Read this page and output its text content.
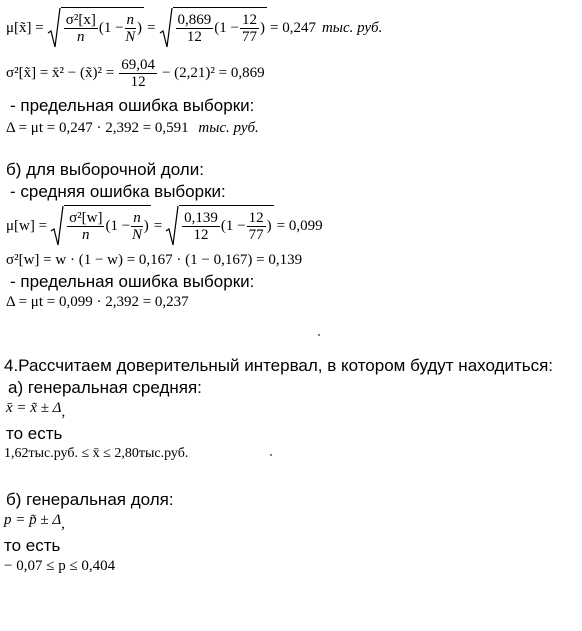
μ[x̃] = $\frac{\text{σ²[x]}}{n} (1 - \frac{n}{N}$ ) = $\frac{0,869}{12} (1 - \frac{12}{77}$ ) = 0,247 тыс. руб.
σ²[x̃] = x̄² − (x̃)² = $\frac{69,04}{12} - (2,21)^2 = 0,869$
- предельная ошибка выборки:
Δ = μt = 0,247 · 2,392 = 0,591 тыс. руб.
б) для выборочной доли:
- средняя ошибка выборки:
$\mu[w] = \frac{\text{σ²[w]}}{n} (1 - \frac{n}{N}$ ) = $\frac{0,139}{12} (1 - \frac{12}{77}$ ) = 0,099
σ²[w] = w · (1 − w) = 0,167 · (1 − 0,167) = 0,139
- предельная ошибка выборки:
Δ = μt = 0,099 · 2,392 = 0,237
4.Рассчитаем доверительный интервал, в котором будут находиться:
а) генеральная средняя:
x̄ = x̃ ± Δ,
то есть
1,62тыс.руб. ≤ x̄ ≤ 2,80тыс.руб.
б) генеральная доля:
p = p̃ ± Δ,
то есть
− 0,07 ≤ p ≤ 0,404
